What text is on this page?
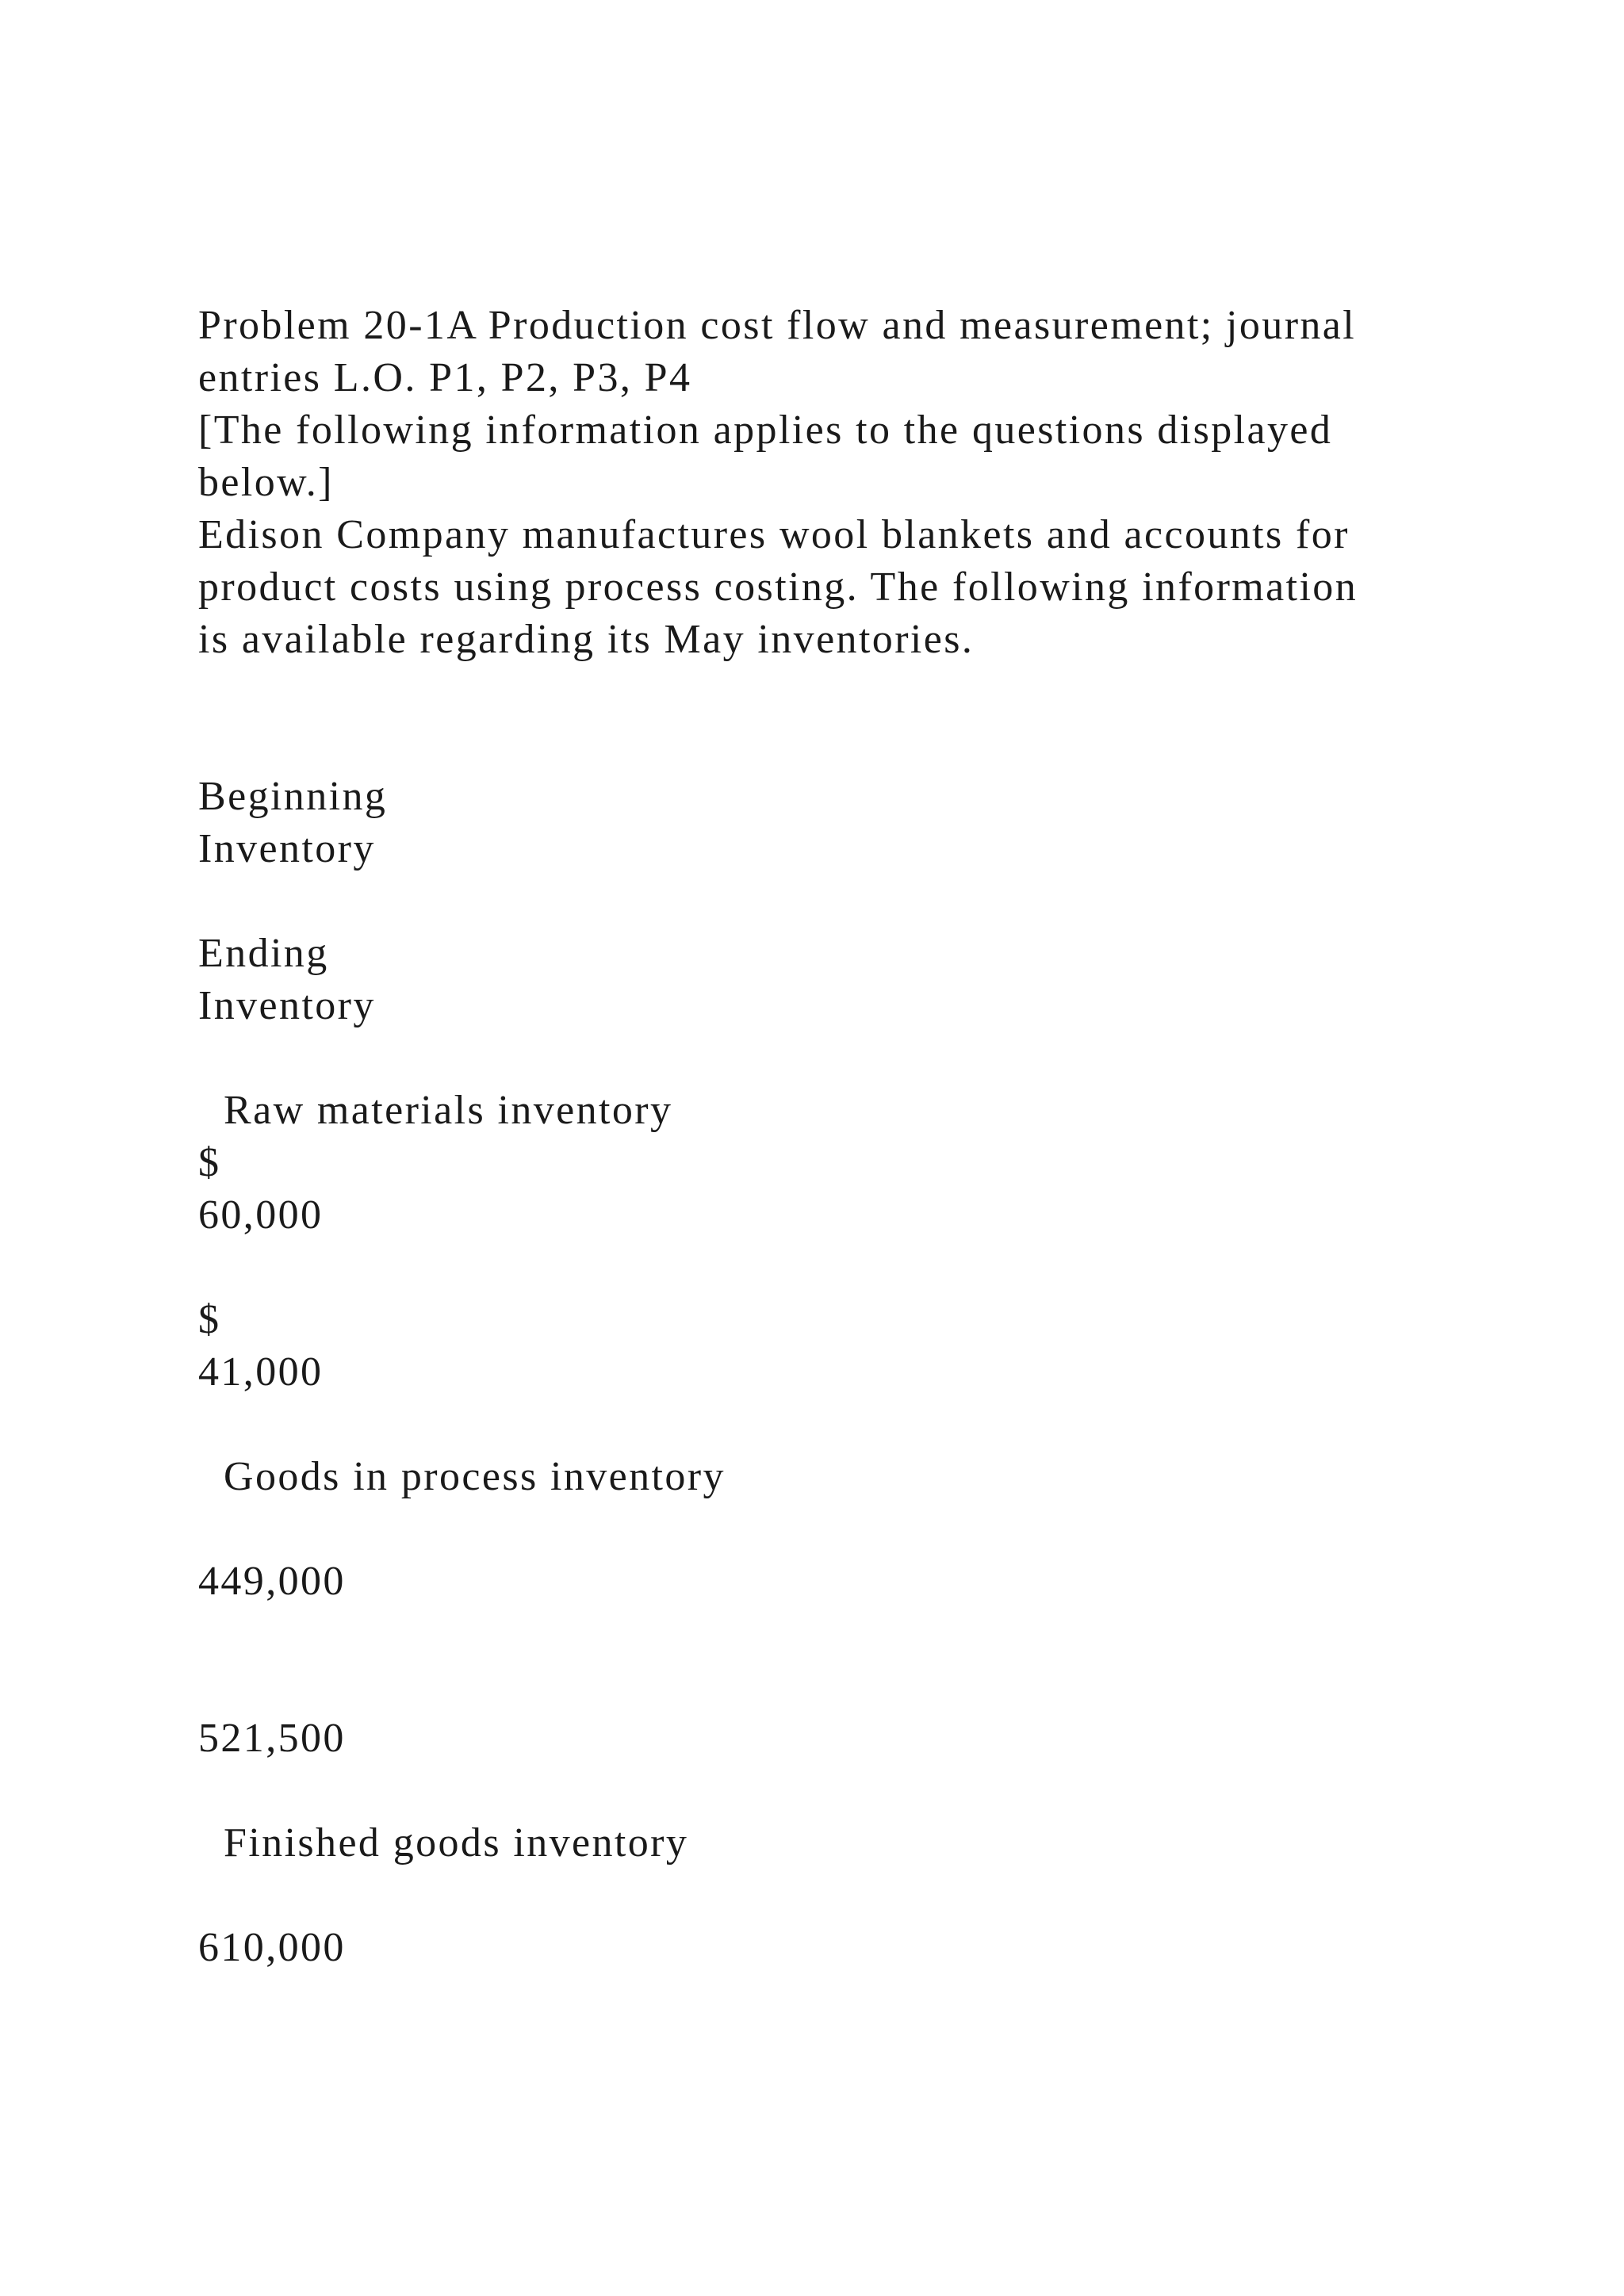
Problem 20-1A Production cost flow and measurement; journal

entries L.O. P1, P2, P3, P4

[The following information applies to the questions displayed

below.]

Edison Company manufactures wool blankets and accounts for

product costs using process costing. The following information

is available regarding its May inventories.

Beginning

Inventory

Ending

Inventory

Raw materials inventory

$

60,000

$

41,000

Goods in process inventory

449,000

521,500

Finished goods inventory

610,000
